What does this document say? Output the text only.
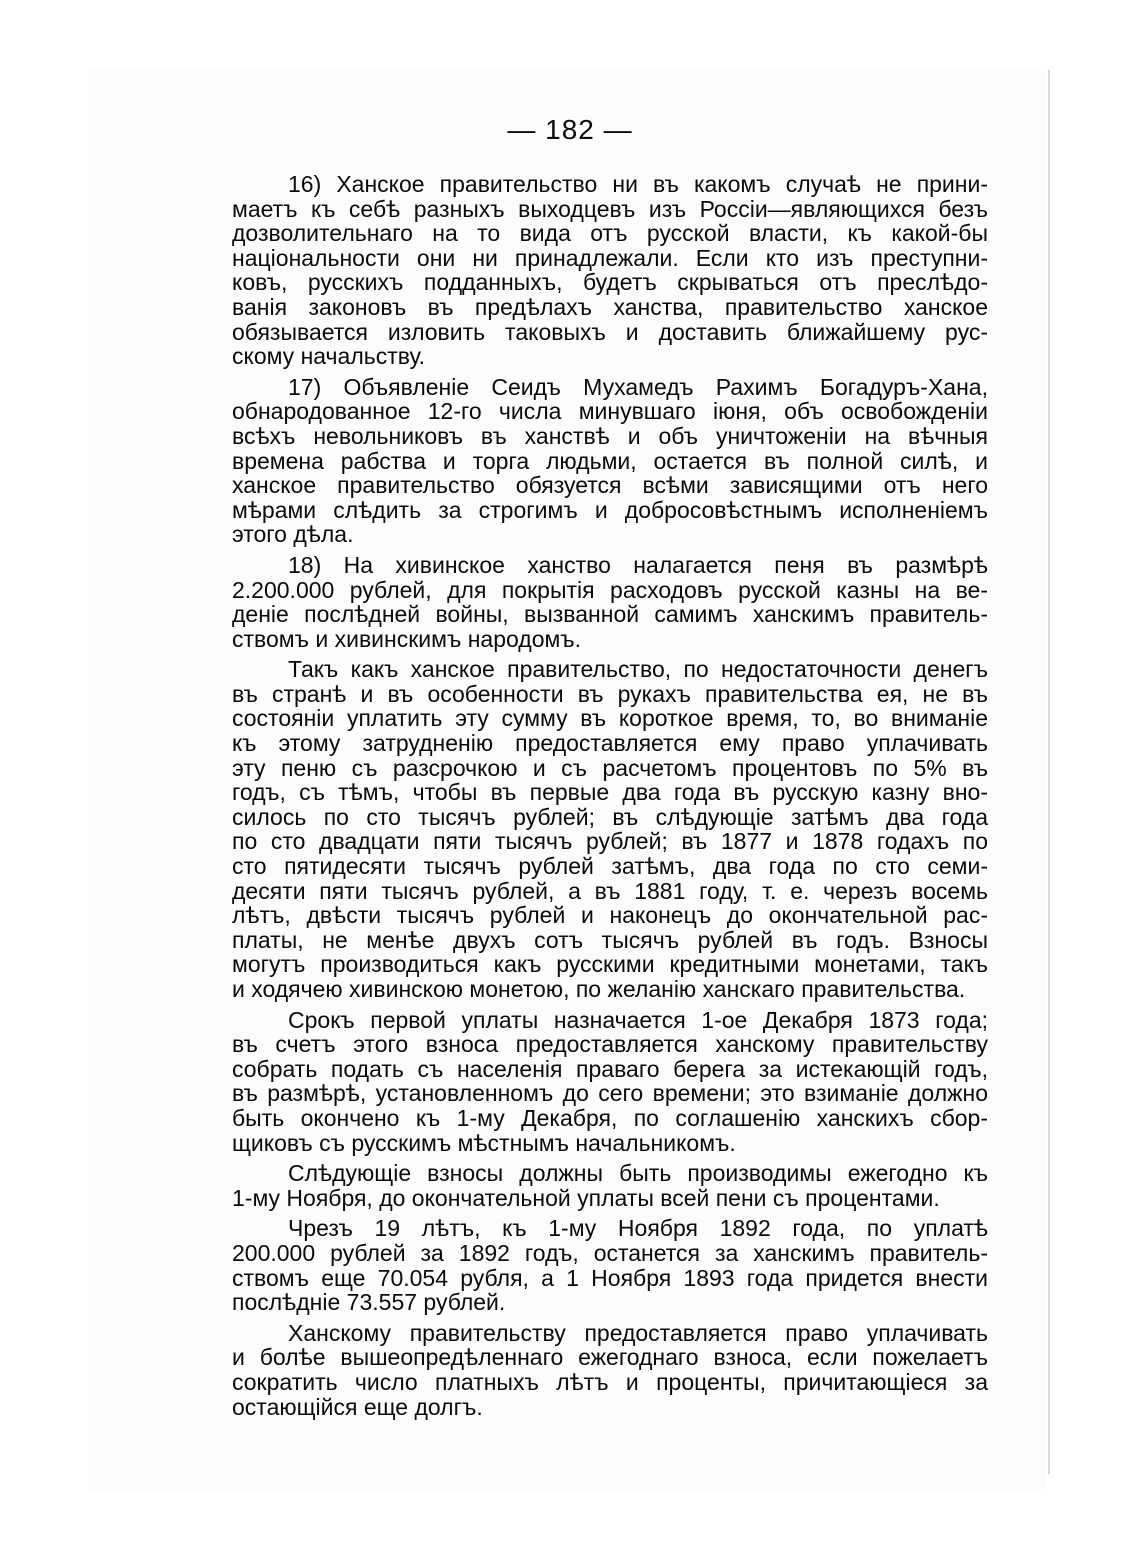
— 182 —
16) Ханское правительство ни въ какомъ случаѣ не прини-
маетъ къ себѣ разныхъ выходцевъ изъ Россіи—являющихся безъ
дозволительнаго на то вида отъ русской власти, къ какой-бы
національности они ни принадлежали. Если кто изъ преступни-
ковъ, русскихъ подданныхъ, будетъ скрываться отъ преслѣдо-
ванія законовъ въ предѣлахъ ханства, правительство ханское
обязывается изловить таковыхъ и доставить ближайшему рус-
скому начальству.
17) Объявленіе Сеидъ Мухамедъ Рахимъ Богадуръ-Хана,
обнародованное 12-го числа минувшаго іюня, объ освобожденіи
всѣхъ невольниковъ въ ханствѣ и объ уничтоженіи на вѣчныя
времена рабства и торга людьми, остается въ полной силѣ, и
ханское правительство обязуется всѣми зависящими отъ него
мѣрами слѣдить за строгимъ и добросовѣстнымъ исполненіемъ
этого дѣла.
18) На хивинское ханство налагается пеня въ размѣрѣ
2.200.000 рублей, для покрытія расходовъ русской казны на ве-
деніе послѣдней войны, вызванной самимъ ханскимъ правитель-
ствомъ и хивинскимъ народомъ.
Такъ какъ ханское правительство, по недостаточности денегъ
въ странѣ и въ особенности въ рукахъ правительства ея, не въ
состояніи уплатить эту сумму въ короткое время, то, во вниманіе
къ этому затрудненію предоставляется ему право уплачивать
эту пеню съ разсрочкою и съ расчетомъ процентовъ по 5% въ
годъ, съ тѣмъ, чтобы въ первые два года въ русскую казну вно-
силось по сто тысячъ рублей; въ слѣдующіе затѣмъ два года
по сто двадцати пяти тысячъ рублей; въ 1877 и 1878 годахъ по
сто пятидесяти тысячъ рублей затѣмъ, два года по сто семи-
десяти пяти тысячъ рублей, а въ 1881 году, т. е. черезъ восемь
лѣтъ, двѣсти тысячъ рублей и наконецъ до окончательной рас-
платы, не менѣе двухъ сотъ тысячъ рублей въ годъ. Взносы
могутъ производиться какъ русскими кредитными монетами, такъ
и ходячею хивинскою монетою, по желанію ханскаго правительства.
Срокъ первой уплаты назначается 1-ое Декабря 1873 года;
въ счетъ этого взноса предоставляется ханскому правительству
собрать подать съ населенія праваго берега за истекающій годъ,
въ размѣрѣ, установленномъ до сего времени; это взиманіе должно
быть окончено къ 1-му Декабря, по соглашенію ханскихъ сбор-
щиковъ съ русскимъ мѣстнымъ начальникомъ.
Слѣдующіе взносы должны быть производимы ежегодно къ
1-му Ноября, до окончательной уплаты всей пени съ процентами.
Чрезъ 19 лѣтъ, къ 1-му Ноября 1892 года, по уплатѣ
200.000 рублей за 1892 годъ, останется за ханскимъ правитель-
ствомъ еще 70.054 рубля, а 1 Ноября 1893 года придется внести
послѣдніе 73.557 рублей.
Ханскому правительству предоставляется право уплачивать
и болѣе вышеопредѣленнаго ежегоднаго взноса, если пожелаетъ
сократить число платныхъ лѣтъ и проценты, причитающіеся за
остающійся еще долгъ.
